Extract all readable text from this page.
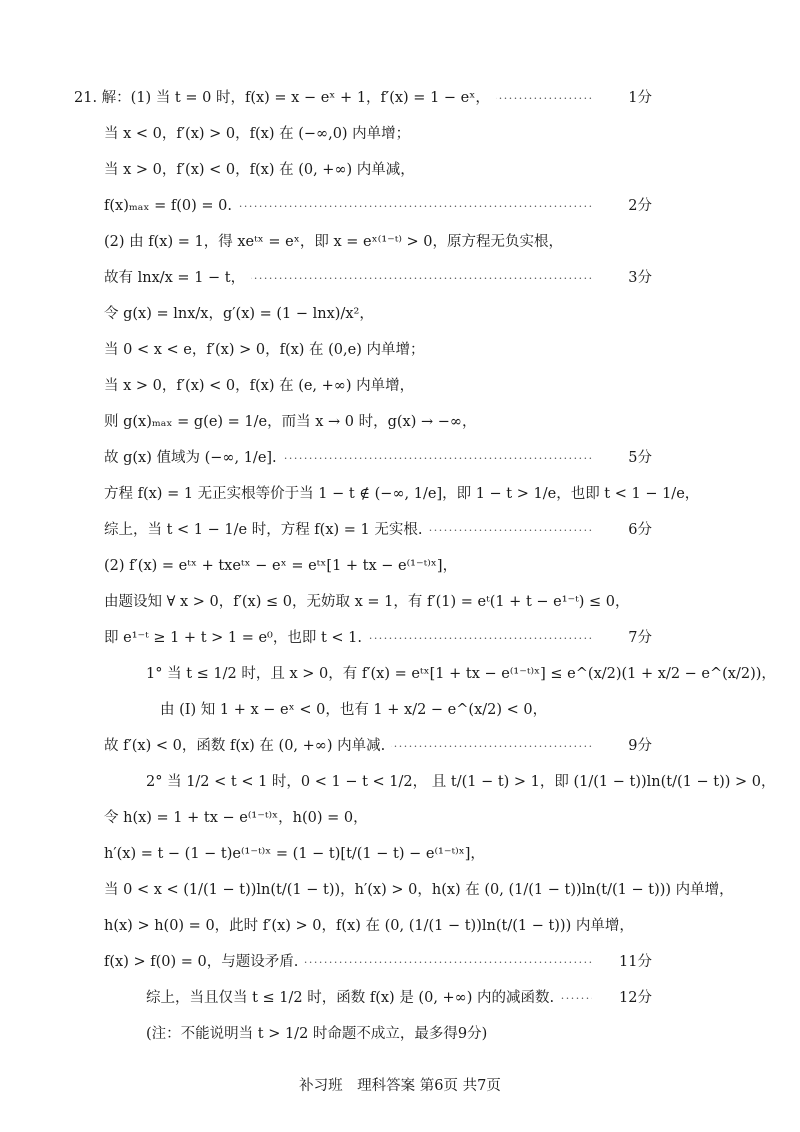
21. 解：(1) 当 t = 0 时，f(x) = x − eˣ + 1，f′(x) = 1 − eˣ， ·····	1分
当 x < 0，f′(x) > 0，f(x) 在 (−∞,0) 内单增；
当 x > 0，f′(x) < 0，f(x) 在 (0, +∞) 内单减，
f(x)ₘₐₓ = f(0) = 0. ·····	2分
(2) 由 f(x) = 1，得 xeᵗˣ = eˣ，即 x = eˣ⁽¹⁻ᵗ⁾ > 0，原方程无负实根，
故有 lnx/x = 1 − t， ·····	3分
令 g(x) = lnx/x，g′(x) = (1 − lnx)/x²，
当 0 < x < e，f′(x) > 0，f(x) 在 (0,e) 内单增；
当 x > 0，f′(x) < 0，f(x) 在 (e, +∞) 内单增，
则 g(x)ₘₐₓ = g(e) = 1/e，而当 x → 0 时，g(x) → −∞，
故 g(x) 值域为 (−∞, 1/e]. ·····	5分
方程 f(x) = 1 无正实根等价于当 1 − t ∉ (−∞, 1/e]，即 1 − t > 1/e，也即 t < 1 − 1/e，
综上，当 t < 1 − 1/e 时，方程 f(x) = 1 无实根. ·····	6分
(2) f′(x) = eᵗˣ + txeᵗˣ − eˣ = eᵗˣ[1 + tx − e⁽¹⁻ᵗ⁾ˣ]，
由题设知 ∀ x > 0，f′(x) ≤ 0，无妨取 x = 1，有 f′(1) = eᵗ(1 + t − e¹⁻ᵗ) ≤ 0，
即 e¹⁻ᵗ ≥ 1 + t > 1 = e⁰，也即 t < 1. ·····	7分
1° 当 t ≤ 1/2 时，且 x > 0，有 f′(x) = eᵗˣ[1 + tx − e⁽¹⁻ᵗ⁾ˣ] ≤ e^(x/2)(1 + x/2 − e^(x/2))，
由 (Ⅰ) 知 1 + x − eˣ < 0，也有 1 + x/2 − e^(x/2) < 0，
故 f′(x) < 0，函数 f(x) 在 (0, +∞) 内单减. ·····	9分
2° 当 1/2 < t < 1 时，0 < 1 − t < 1/2， 且 t/(1 − t) > 1，即 (1/(1 − t))ln(t/(1 − t)) > 0，
令 h(x) = 1 + tx − e⁽¹⁻ᵗ⁾ˣ，h(0) = 0，
h′(x) = t − (1 − t)e⁽¹⁻ᵗ⁾ˣ = (1 − t)[t/(1 − t) − e⁽¹⁻ᵗ⁾ˣ]，
当 0 < x < (1/(1 − t))ln(t/(1 − t))，h′(x) > 0，h(x) 在 (0, (1/(1 − t))ln(t/(1 − t))) 内单增，
h(x) > h(0) = 0，此时 f′(x) > 0，f(x) 在 (0, (1/(1 − t))ln(t/(1 − t))) 内单增，
f(x) > f(0) = 0，与题设矛盾. ·····	11分
综上，当且仅当 t ≤ 1/2 时，函数 f(x) 是 (0, +∞) 内的减函数. ·····	12分
(注：不能说明当 t > 1/2 时命题不成立，最多得9分)
补习班　理科答案 第6页 共7页
